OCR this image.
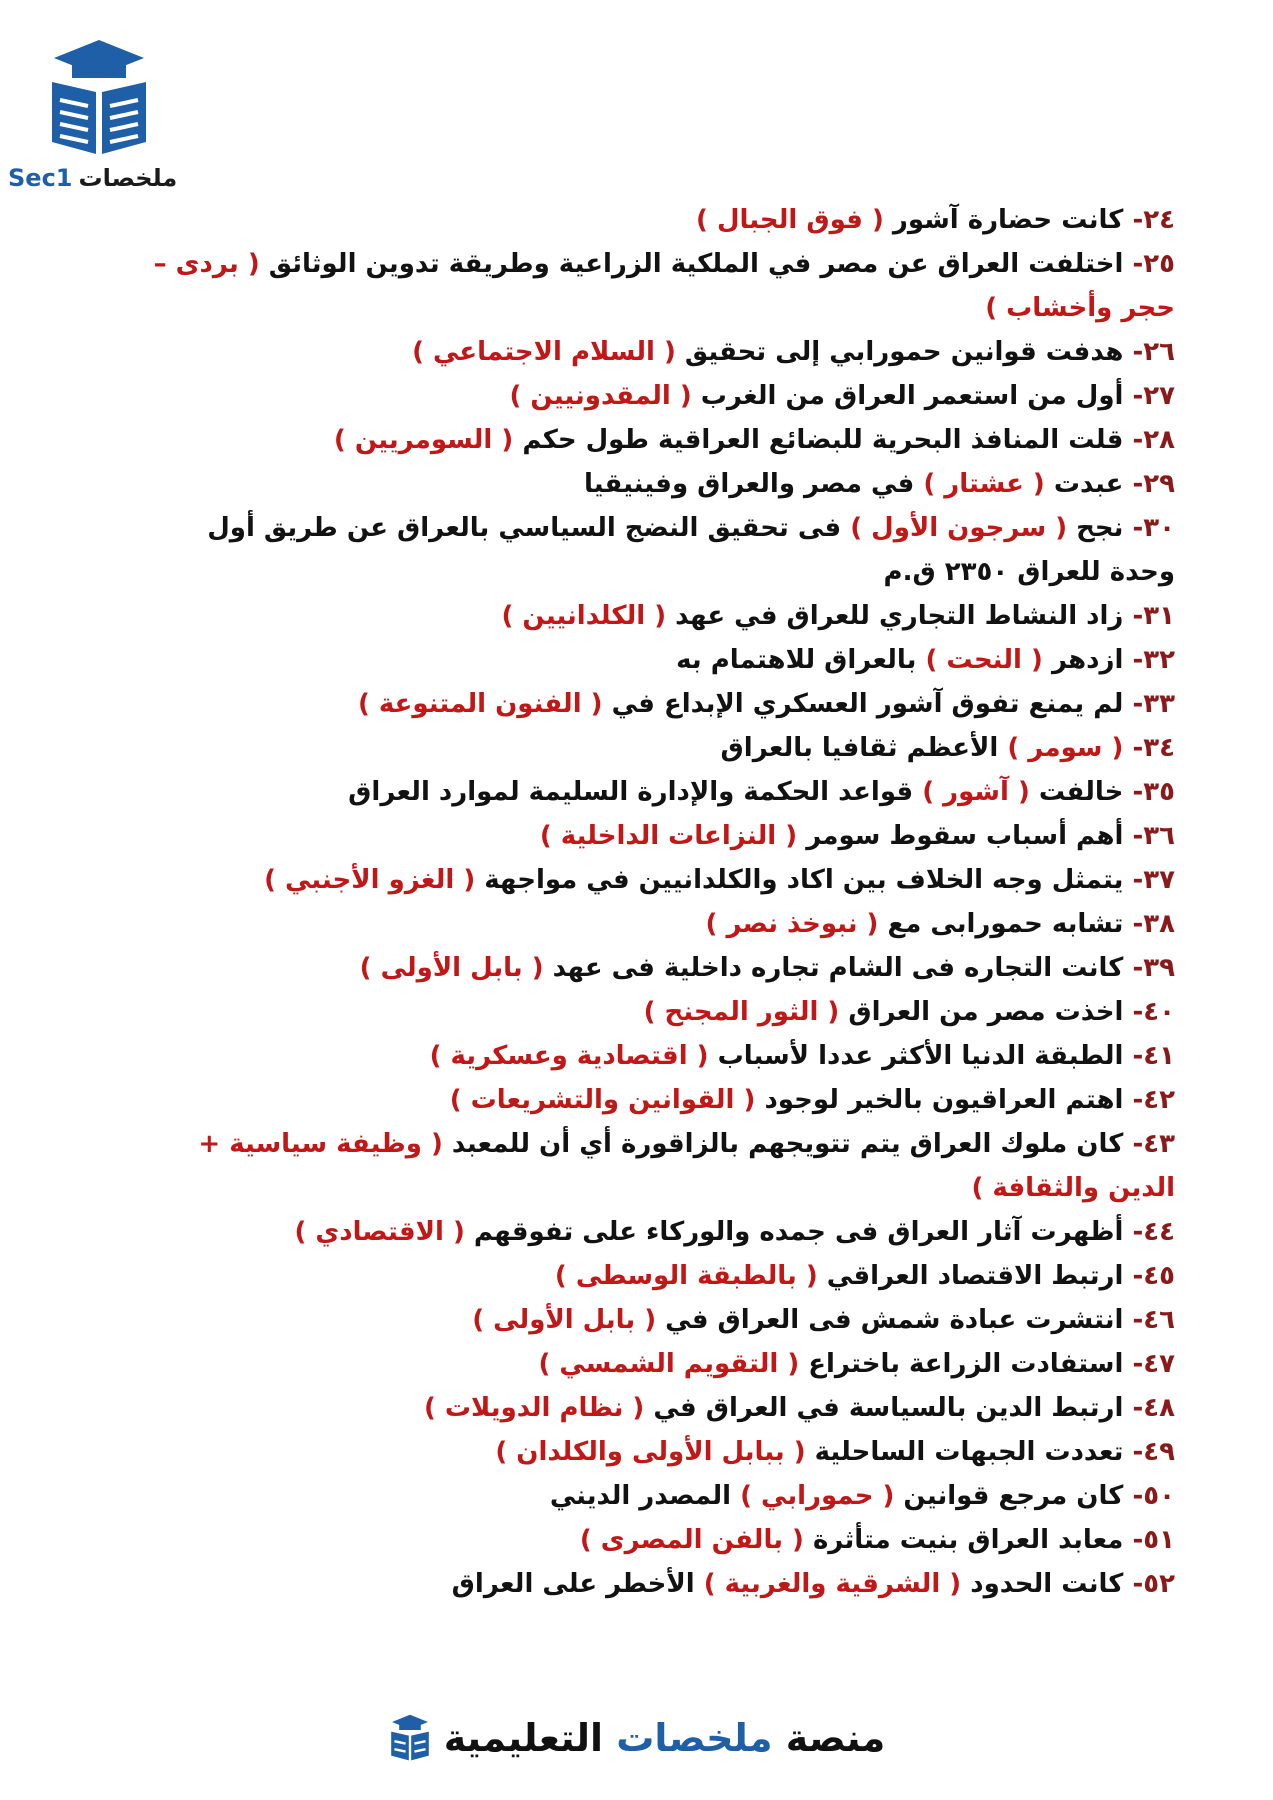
Sec1 ملخصات
٢٤- كانت حضارة آشور ( فوق الجبال )
٢٥- اختلفت العراق عن مصر في الملكية الزراعية وطريقة تدوين الوثائق ( بردى – حجر وأخشاب )
٢٦- هدفت قوانين حمورابي إلى تحقيق ( السلام الاجتماعي )
٢٧- أول من استعمر العراق من الغرب ( المقدونيين )
٢٨- قلت المنافذ البحرية للبضائع العراقية طول حكم ( السومريين )
٢٩- عبدت ( عشتار ) في مصر والعراق وفينيقيا
٣٠- نجح ( سرجون الأول ) فى تحقيق النضج السياسي بالعراق عن طريق أول وحدة للعراق ٢٣٥٠ ق.م
٣١- زاد النشاط التجاري للعراق في عهد ( الكلدانيين )
٣٢- ازدهر ( النحت ) بالعراق للاهتمام به
٣٣- لم يمنع تفوق آشور العسكري الإبداع في ( الفنون المتنوعة )
٣٤- ( سومر ) الأعظم ثقافيا بالعراق
٣٥- خالفت ( آشور ) قواعد الحكمة والإدارة السليمة لموارد العراق
٣٦- أهم أسباب سقوط سومر ( النزاعات الداخلية )
٣٧- يتمثل وجه الخلاف بين اكاد والكلدانيين في مواجهة ( الغزو الأجنبي )
٣٨- تشابه حمورابى مع ( نبوخذ نصر )
٣٩- كانت التجاره فى الشام تجاره داخلية فى عهد ( بابل الأولى )
٤٠- اخذت مصر من العراق ( الثور المجنح )
٤١- الطبقة الدنيا الأكثر عددا لأسباب ( اقتصادية وعسكرية )
٤٢- اهتم العراقيون بالخير لوجود ( القوانين والتشريعات )
٤٣- كان ملوك العراق يتم تتويجهم بالزاقورة أي أن للمعبد ( وظيفة سياسية + الدين والثقافة )
٤٤- أظهرت آثار العراق فى جمده والوركاء على تفوقهم ( الاقتصادي )
٤٥- ارتبط الاقتصاد العراقي ( بالطبقة الوسطى )
٤٦- انتشرت عبادة شمش فى العراق في ( بابل الأولى )
٤٧- استفادت الزراعة باختراع ( التقويم الشمسي )
٤٨- ارتبط الدين بالسياسة في العراق في ( نظام الدويلات )
٤٩- تعددت الجبهات الساحلية ( ببابل الأولى والكلدان )
٥٠- كان مرجع قوانين ( حمورابي ) المصدر الديني
٥١- معابد العراق بنيت متأثرة ( بالفن المصرى )
٥٢- كانت الحدود ( الشرقية والغربية ) الأخطر على العراق
منصة ملخصات التعليمية
